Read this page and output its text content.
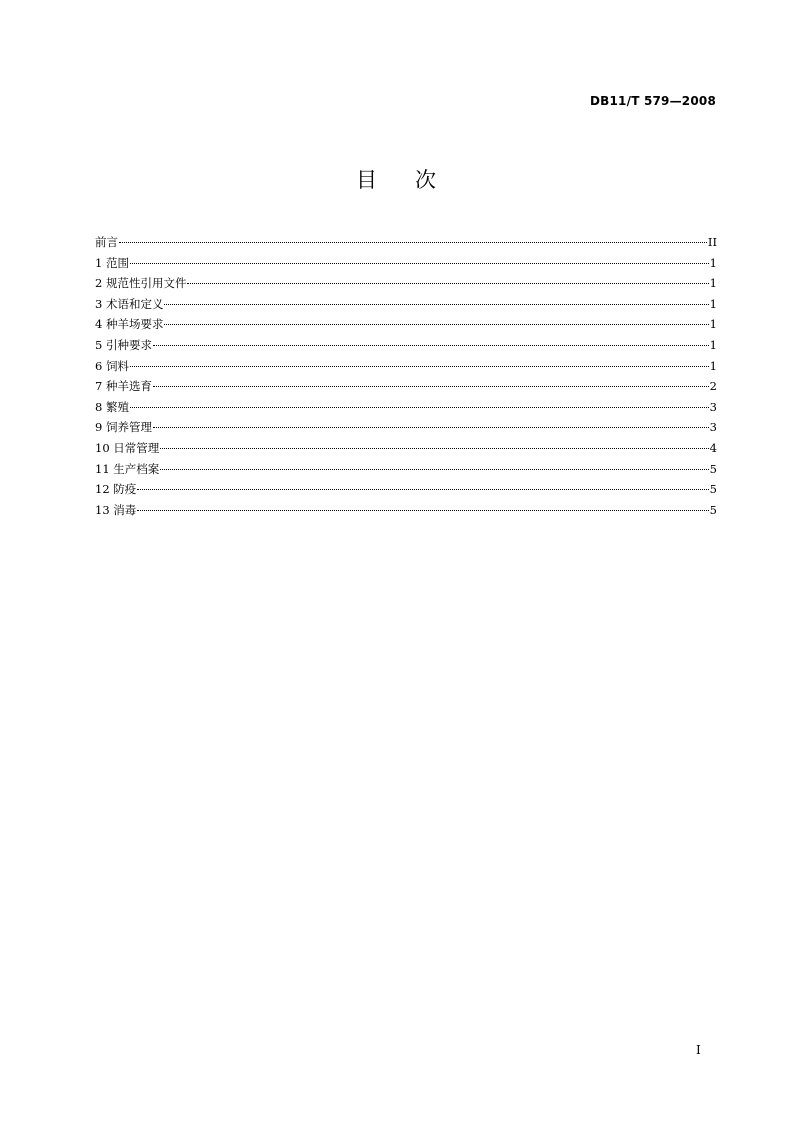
DB11/T 579—2008
目 次
前言	II
1 范围	1
2 规范性引用文件	1
3 术语和定义	1
4 种羊场要求	1
5 引种要求	1
6 饲料	1
7 种羊选育	2
8 繁殖	3
9 饲养管理	3
10 日常管理	4
11 生产档案	5
12 防疫	5
13 消毒	5
I
